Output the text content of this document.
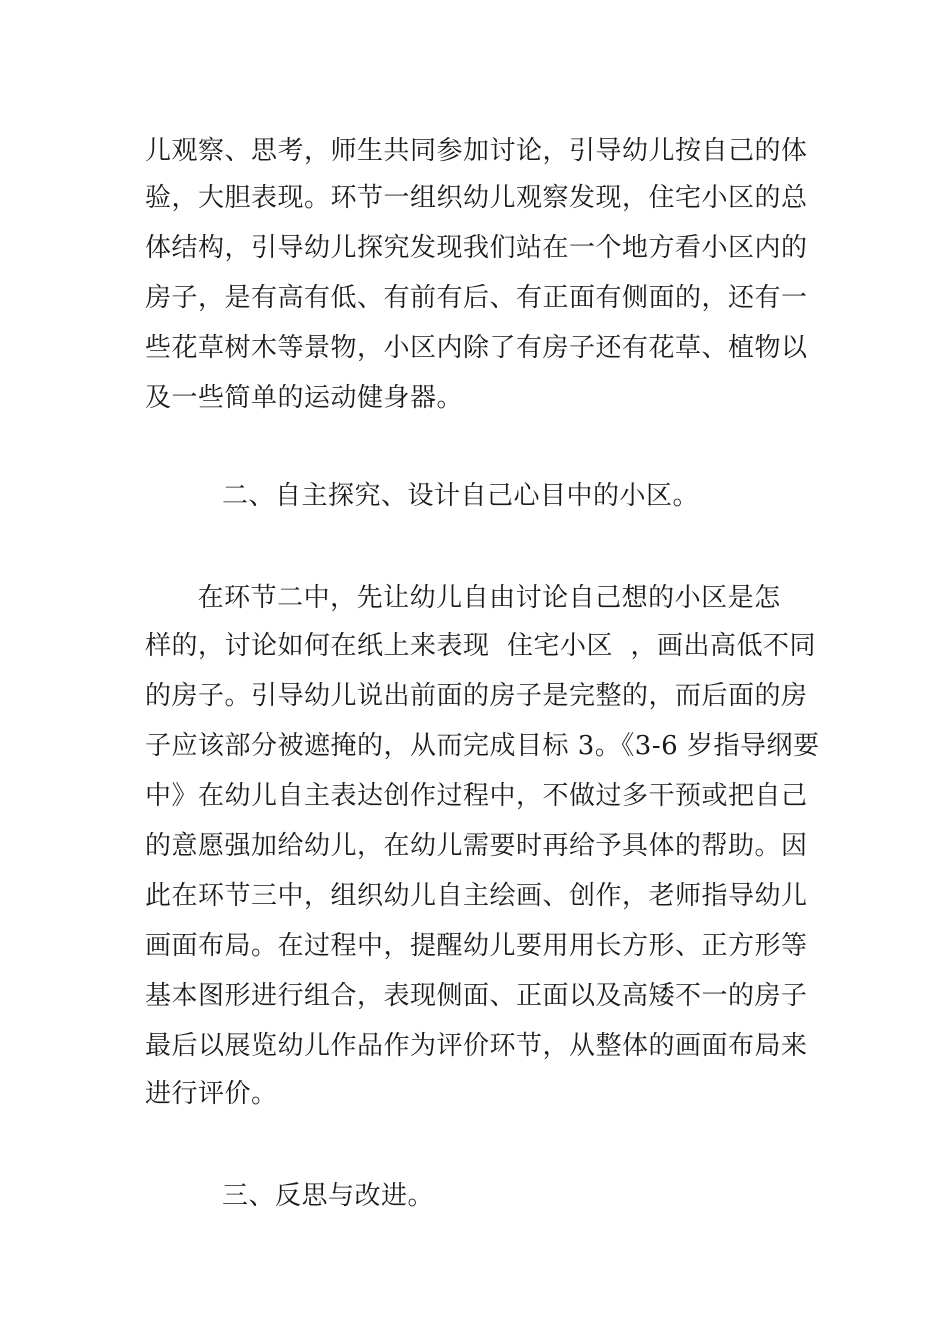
儿观察、思考，师生共同参加讨论，引导幼儿按自己的体
验，大胆表现。环节一组织幼儿观察发现，住宅小区的总
体结构，引导幼儿探究发现我们站在一个地方看小区内的
房子，是有高有低、有前有后、有正面有侧面的，还有一
些花草树木等景物，小区内除了有房子还有花草、植物以
及一些简单的运动健身器。
二、自主探究、设计自己心目中的小区。
在环节二中，先让幼儿自由讨论自己想的小区是怎
样的，讨论如何在纸上来表现  住宅小区  ，画出高低不同
的房子。引导幼儿说出前面的房子是完整的，而后面的房
子应该部分被遮掩的，从而完成目标 3。《3-6 岁指导纲要
中》在幼儿自主表达创作过程中，不做过多干预或把自己
的意愿强加给幼儿，在幼儿需要时再给予具体的帮助。因
此在环节三中，组织幼儿自主绘画、创作，老师指导幼儿
画面布局。在过程中，提醒幼儿要用用长方形、正方形等
基本图形进行组合，表现侧面、正面以及高矮不一的房子
最后以展览幼儿作品作为评价环节，从整体的画面布局来
进行评价。
三、反思与改进。
